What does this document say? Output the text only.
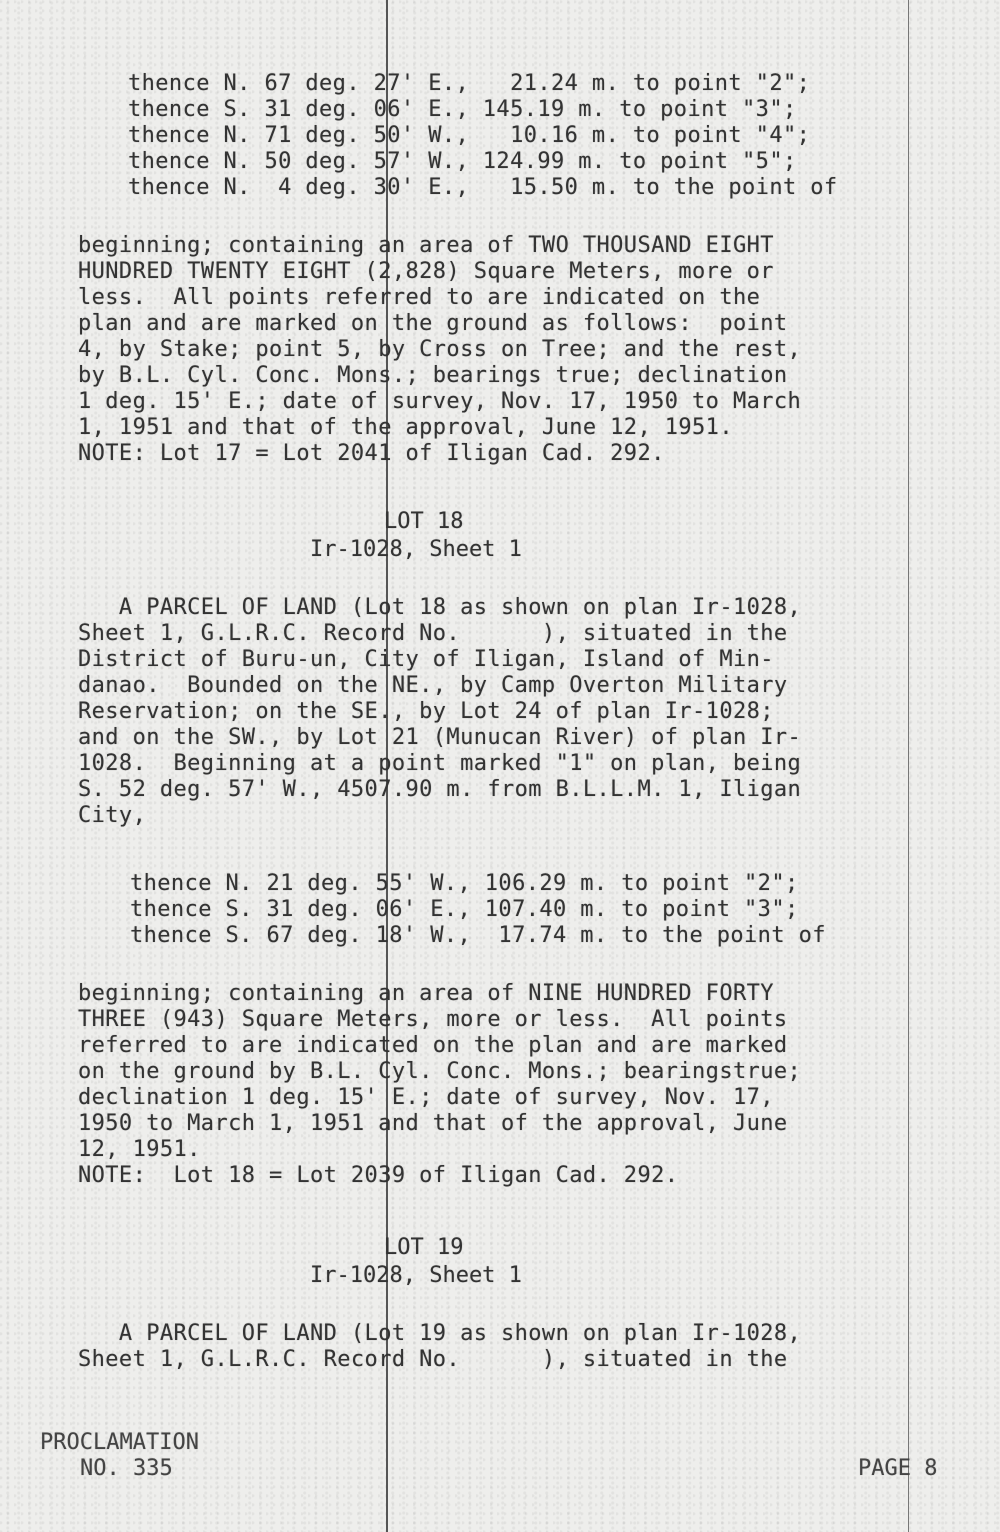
thence N. 67 deg. 27' E.,   21.24 m. to point "2";
thence S. 31 deg. 06' E., 145.19 m. to point "3";
thence N. 71 deg. 50' W.,   10.16 m. to point "4";
thence N. 50 deg. 57' W., 124.99 m. to point "5";
thence N.  4 deg. 30' E.,   15.50 m. to the point of
beginning; containing an area of TWO THOUSAND EIGHT
HUNDRED TWENTY EIGHT (2,828) Square Meters, more or
less.  All points referred to are indicated on the
plan and are marked on the ground as follows:  point
4, by Stake; point 5, by Cross on Tree; and the rest,
by B.L. Cyl. Conc. Mons.; bearings true; declination
1 deg. 15' E.; date of survey, Nov. 17, 1950 to March
1, 1951 and that of the approval, June 12, 1951.
NOTE: Lot 17 = Lot 2041 of Iligan Cad. 292.
LOT 18
Ir-1028, Sheet 1
A PARCEL OF LAND (Lot 18 as shown on plan Ir-1028,
Sheet 1, G.L.R.C. Record No.      ), situated in the
District of Buru-un, City of Iligan, Island of Min-
danao.  Bounded on the NE., by Camp Overton Military
Reservation; on the SE., by Lot 24 of plan Ir-1028;
and on the SW., by Lot 21 (Munucan River) of plan Ir-
1028.  Beginning at a point marked "1" on plan, being
S. 52 deg. 57' W., 4507.90 m. from B.L.L.M. 1, Iligan
City,
thence N. 21 deg. 55' W., 106.29 m. to point "2";
thence S. 31 deg. 06' E., 107.40 m. to point "3";
thence S. 67 deg. 18' W.,  17.74 m. to the point of
beginning; containing an area of NINE HUNDRED FORTY
THREE (943) Square Meters, more or less.  All points
referred to are indicated on the plan and are marked
on the ground by B.L. Cyl. Conc. Mons.; bearingstrue;
declination 1 deg. 15' E.; date of survey, Nov. 17,
1950 to March 1, 1951 and that of the approval, June
12, 1951.
NOTE:  Lot 18 = Lot 2039 of Iligan Cad. 292.
LOT 19
Ir-1028, Sheet 1
A PARCEL OF LAND (Lot 19 as shown on plan Ir-1028,
Sheet 1, G.L.R.C. Record No.      ), situated in the
PROCLAMATION
NO. 335	PAGE 8
